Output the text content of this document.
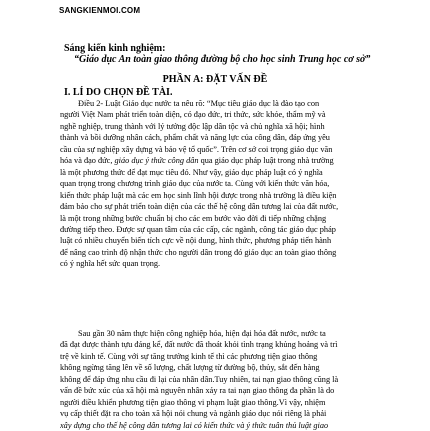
SANGKIENMOI.COM
Sáng kiến kinh nghiệm:
“Giáo dục An toàn giao thông đường bộ cho học sinh Trung học cơ sở”
PHẦN A: ĐẶT VẤN ĐỀ
I. LÍ DO CHỌN ĐỀ TÀI.
Điều 2- Luật Giáo dục nước ta nêu rõ: “Mục tiêu giáo dục là đào tạo con
người Việt Nam phát triển toàn diện, có đạo đức, tri thức, sức khỏe, thẩm mỹ và
nghề nghiệp, trung thành với lý tưởng độc lập dân tộc và chủ nghĩa xã hội; hình
thành và bồi dưỡng nhân cách, phẩm chất và năng lực của công dân, đáp ứng yêu
cầu của sự nghiệp xây dựng và bảo vệ tổ quốc”. Trên cơ sở coi trọng giáo dục văn
hóa và đạo đức, giáo dục ý thức công dân qua giáo dục pháp luật trong nhà trường
là một phương thức để đạt mục tiêu đó. Như vậy, giáo dục pháp luật có ý nghĩa
quan trọng trong chương trình giáo dục của nước ta. Cùng với kiến thức văn hóa,
kiến thức pháp luật mà các em học sinh lĩnh hội được trong nhà trường là điều kiện
đảm bảo cho sự phát triển toàn diện của các thế hệ công dân tương lai của đất nước,
là một trong những bước chuẩn bị cho các em bước vào đời đi tiếp những chặng
đường tiếp theo. Được sự quan tâm của các cấp, các ngành, công tác giáo dục pháp
luật có nhiều chuyển biến tích cực về nội dung, hình thức, phương pháp tiến hành
để nâng cao trình độ nhận thức cho người dân trong đó giáo dục an toàn giao thông
có ý nghĩa hết sức quan trọng.
Sau gần 30 năm thực hiện công nghiệp hóa, hiện đại hóa đất nước, nước ta
đã đạt được thành tựu đáng kể, đất nước đã thoát khỏi tình trạng khủng hoảng và trì
trệ về kinh tế. Cùng với sự tăng trưởng kinh tế thì các phương tiện giao thông
không ngừng tăng lên về số lượng, chất lượng từ đường bộ, thủy, sắt đến hàng
không để đáp ứng nhu cầu đi lại của nhân dân.Tuy nhiên, tai nạn giao thông cũng là
vấn đề bức xúc của xã hội mà nguyên nhân xảy ra tai nạn giao thông đa phần là do
người điều khiển phương tiện giao thông vi phạm luật giao thông.Vì vậy, nhiệm
vụ cấp thiết đặt ra cho toàn xã hội nói chung và ngành giáo dục nói riêng là phải
xây dựng cho thế hệ công dân tương lai có kiến thức và ý thức tuân thủ luật giao
